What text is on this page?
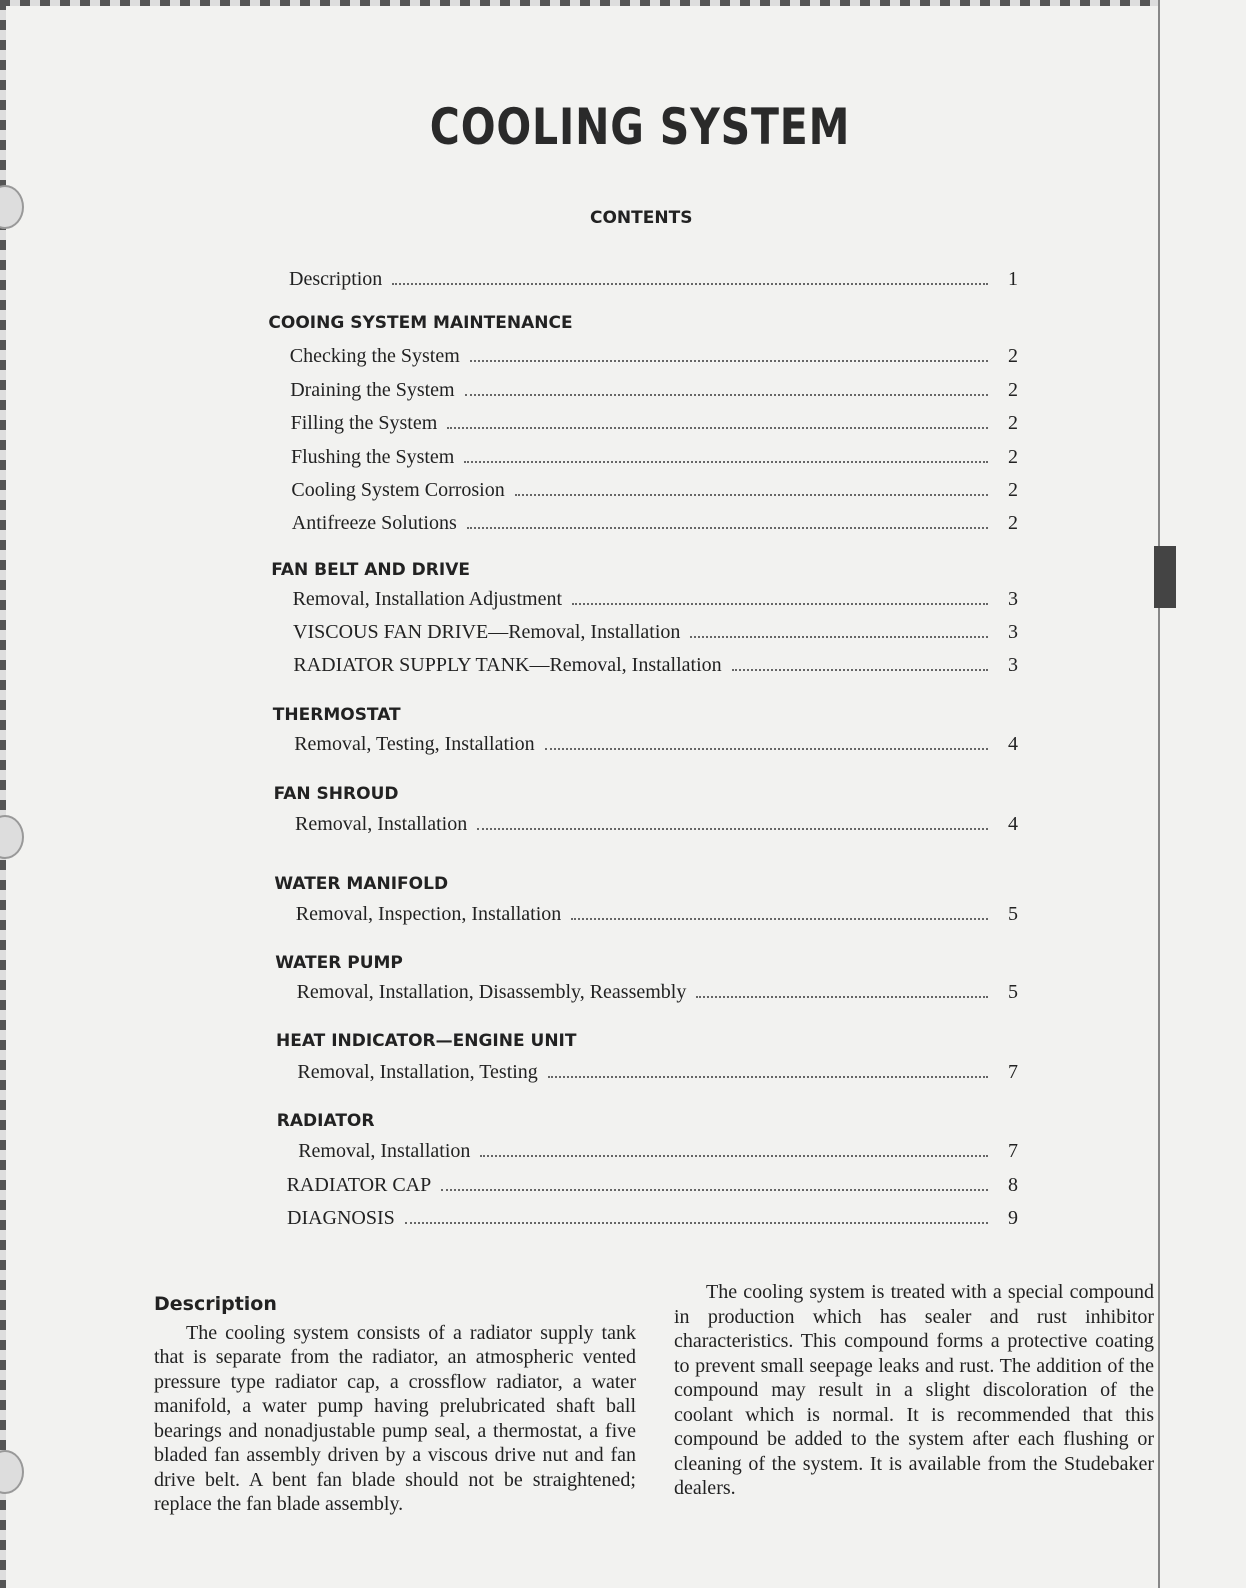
COOLING SYSTEM
CONTENTS
Description	1
COOING SYSTEM MAINTENANCE
Checking the System	2
Draining the System	2
Filling the System	2
Flushing the System	2
Cooling System Corrosion	2
Antifreeze Solutions	2
FAN BELT AND DRIVE
Removal, Installation Adjustment	3
VISCOUS FAN DRIVE—Removal, Installation	3
RADIATOR SUPPLY TANK—Removal, Installation	3
THERMOSTAT
Removal, Testing, Installation	4
FAN SHROUD
Removal, Installation	4
WATER MANIFOLD
Removal, Inspection, Installation	5
WATER PUMP
Removal, Installation, Disassembly, Reassembly	5
HEAT INDICATOR—ENGINE UNIT
Removal, Installation, Testing	7
RADIATOR
Removal, Installation	7
RADIATOR CAP	8
DIAGNOSIS	9
Description

The cooling system consists of a radiator supply tank that is separate from the radiator, an atmospheric vented pressure type radiator cap, a crossflow radiator, a water manifold, a water pump having prelubricated shaft ball bearings and nonadjustable pump seal, a thermostat, a five bladed fan assembly driven by a viscous drive nut and fan drive belt. A bent fan blade should not be straightened; replace the fan blade assembly.

The cooling system is treated with a special compound in production which has sealer and rust inhibitor characteristics. This compound forms a protective coating to prevent small seepage leaks and rust. The addition of the compound may result in a slight discoloration of the coolant which is normal. It is recommended that this compound be added to the system after each flushing or cleaning of the system. It is available from the Studebaker dealers.
